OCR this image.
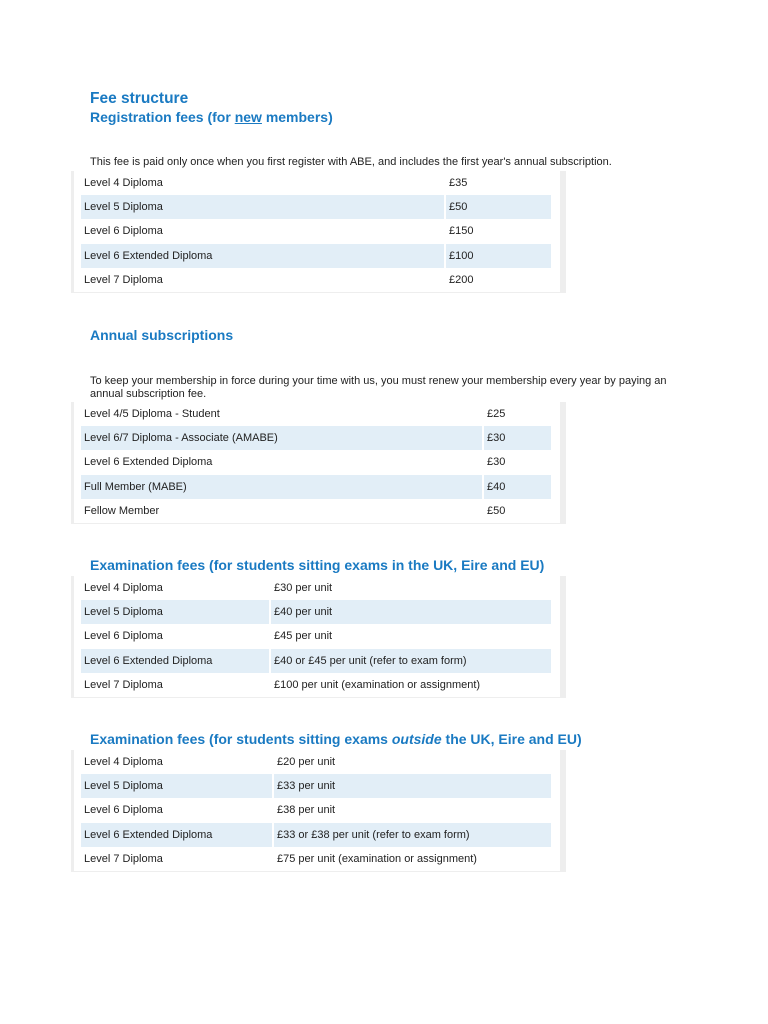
Fee structure
Registration fees (for new members)

This fee is paid only once when you first register with ABE, and includes the first year's annual subscription.

Level 4 Diploma	£35
Level 5 Diploma	£50
Level 6 Diploma	£150
Level 6 Extended Diploma	£100
Level 7 Diploma	£200
Annual subscriptions

To keep your membership in force during your time with us, you must renew your membership every year by paying an annual subscription fee.

Level 4/5 Diploma - Student	£25
Level 6/7 Diploma - Associate (AMABE)	£30
Level 6 Extended Diploma	£30
Full Member (MABE)	£40
Fellow Member	£50
Examination fees (for students sitting exams in the UK, Eire and EU)
Level 4 Diploma	£30 per unit
Level 5 Diploma	£40 per unit
Level 6 Diploma	£45 per unit
Level 6 Extended Diploma	£40 or £45 per unit (refer to exam form)
Level 7 Diploma	£100 per unit (examination or assignment)
Examination fees (for students sitting exams outside the UK, Eire and EU)
Level 4 Diploma	£20 per unit
Level 5 Diploma	£33 per unit
Level 6 Diploma	£38 per unit
Level 6 Extended Diploma	£33 or £38 per unit (refer to exam form)
Level 7 Diploma	£75 per unit (examination or assignment)
